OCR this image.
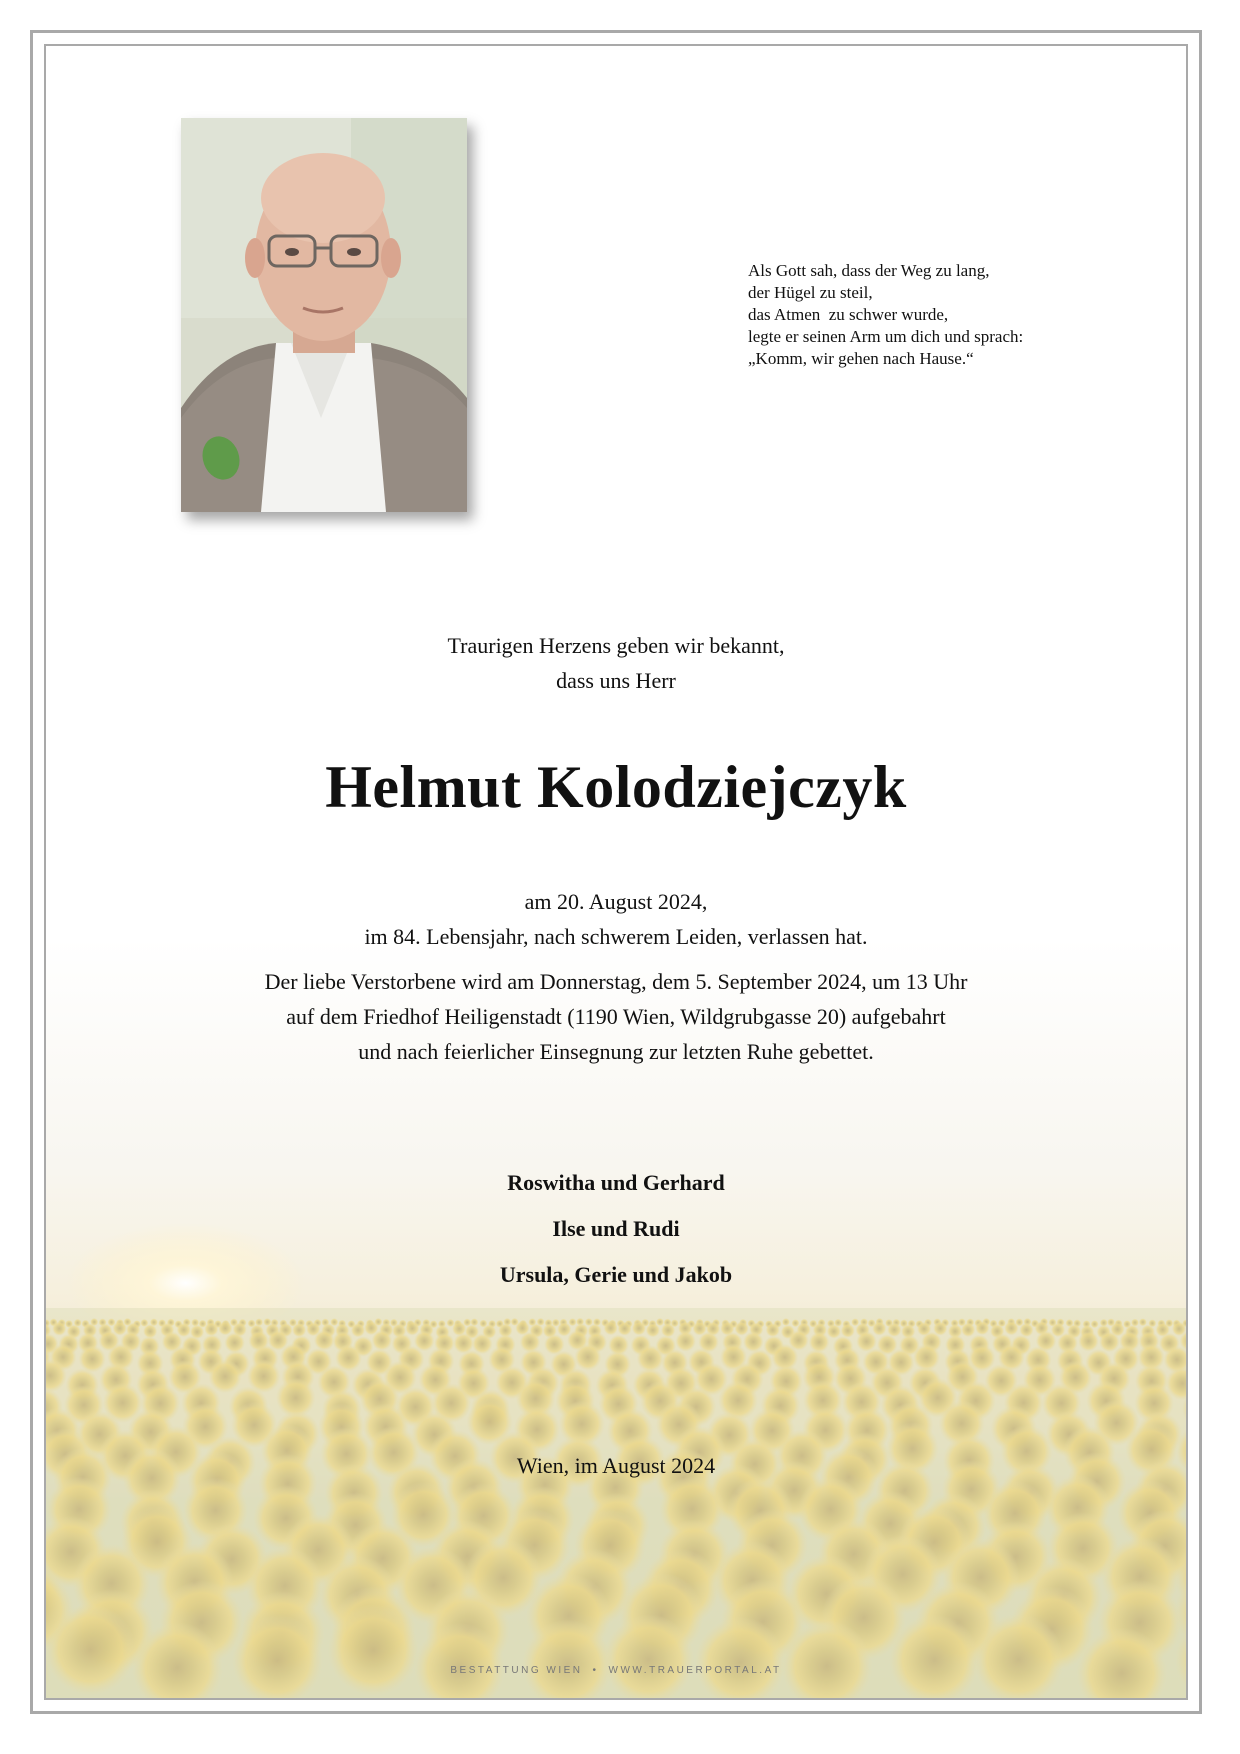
Als Gott sah, dass der Weg zu lang,
der Hügel zu steil,
das Atmen  zu schwer wurde,
legte er seinen Arm um dich und sprach:
„Komm, wir gehen nach Hause.“
Traurigen Herzens geben wir bekannt,
dass uns Herr
Helmut Kolodziejczyk
am 20. August 2024,
im 84. Lebensjahr, nach schwerem Leiden, verlassen hat.
Der liebe Verstorbene wird am Donnerstag, dem 5. September 2024, um 13 Uhr
auf dem Friedhof Heiligenstadt (1190 Wien, Wildgrubgasse 20) aufgebahrt
und nach feierlicher Einsegnung zur letzten Ruhe gebettet.
Roswitha und Gerhard
Ilse und Rudi
Ursula, Gerie und Jakob
Wien, im August 2024
BESTATTUNG WIEN • WWW.TRAUERPORTAL.AT
